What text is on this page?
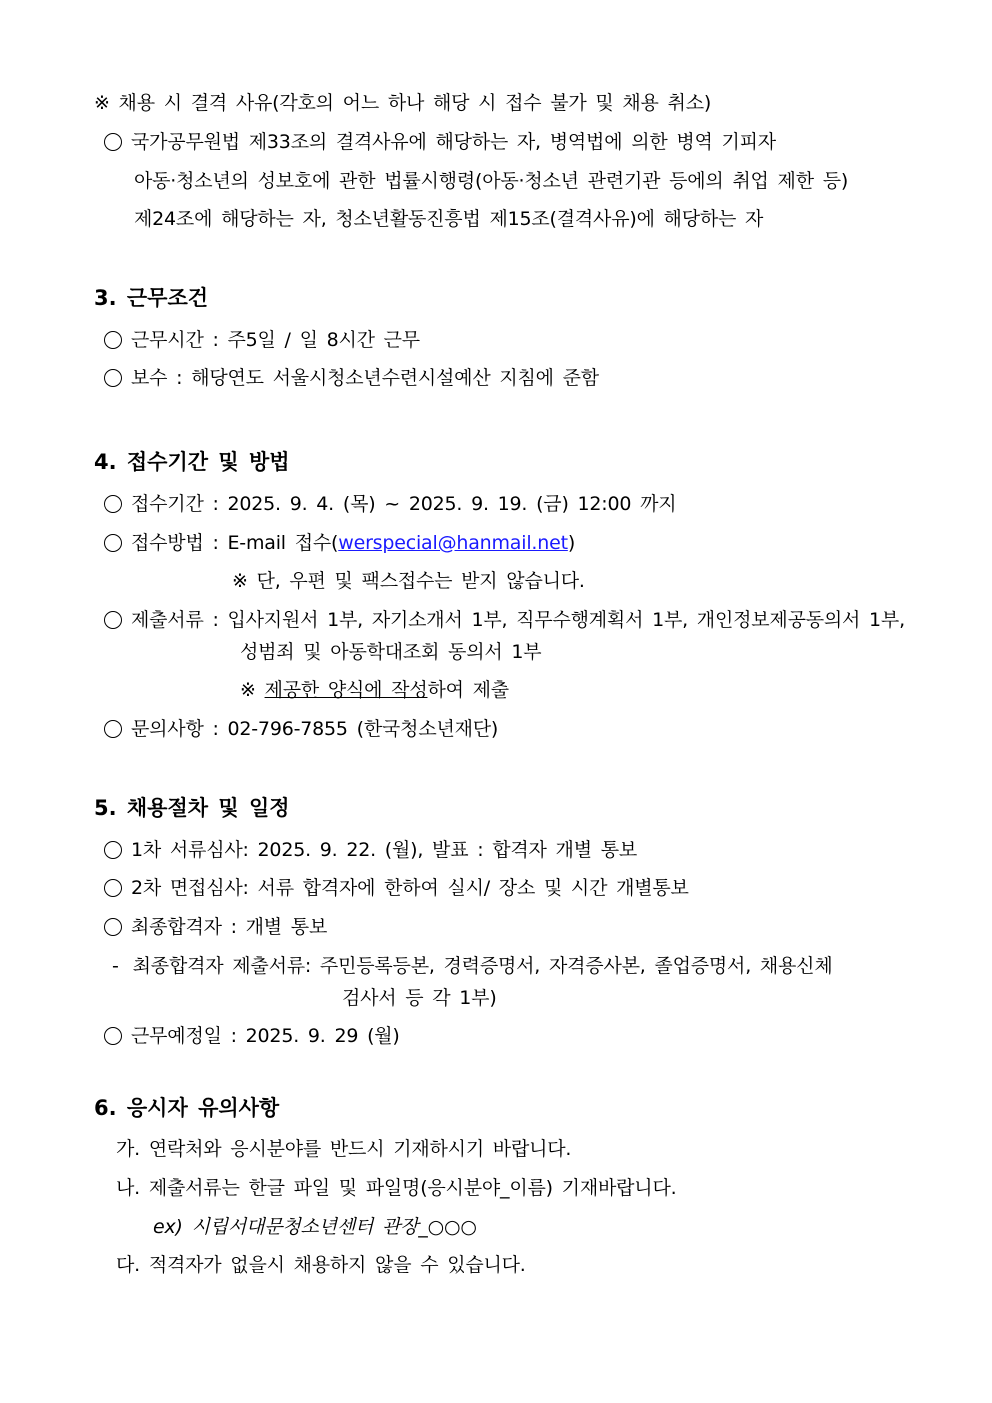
※ 채용 시 결격 사유(각호의 어느 하나 해당 시 접수 불가 및 채용 취소)
국가공무원법 제33조의 결격사유에 해당하는 자, 병역법에 의한 병역 기피자
아동·청소년의 성보호에 관한 법률시행령(아동·청소년 관련기관 등에의 취업 제한 등)
제24조에 해당하는 자, 청소년활동진흥법 제15조(결격사유)에 해당하는 자
3. 근무조건
근무시간 : 주5일 / 일 8시간 근무
보수 : 해당연도 서울시청소년수련시설예산 지침에 준함
4. 접수기간 및 방법
접수기간 : 2025. 9. 4. (목) ~ 2025. 9. 19. (금) 12:00 까지
접수방법 : E-mail 접수(werspecial@hanmail.net)
※ 단, 우편 및 팩스접수는 받지 않습니다.
제출서류 : 입사지원서 1부, 자기소개서 1부, 직무수행계획서 1부, 개인정보제공동의서 1부,
성범죄 및 아동학대조회 동의서 1부
※ 제공한 양식에 작성하여 제출
문의사항 : 02-796-7855 (한국청소년재단)
5. 채용절차 및 일정
1차 서류심사: 2025. 9. 22. (월), 발표 : 합격자 개별 통보
2차 면접심사: 서류 합격자에 한하여 실시/ 장소 및 시간 개별통보
최종합격자 : 개별 통보
- 최종합격자 제출서류: 주민등록등본, 경력증명서, 자격증사본, 졸업증명서, 채용신체
검사서 등 각 1부)
근무예정일 : 2025. 9. 29 (월)
6. 응시자 유의사항
가. 연락처와 응시분야를 반드시 기재하시기 바랍니다.
나. 제출서류는 한글 파일 및 파일명(응시분야_이름) 기재바랍니다.
ex) 시립서대문청소년센터 관장_○○○
다. 적격자가 없을시 채용하지 않을 수 있습니다.
